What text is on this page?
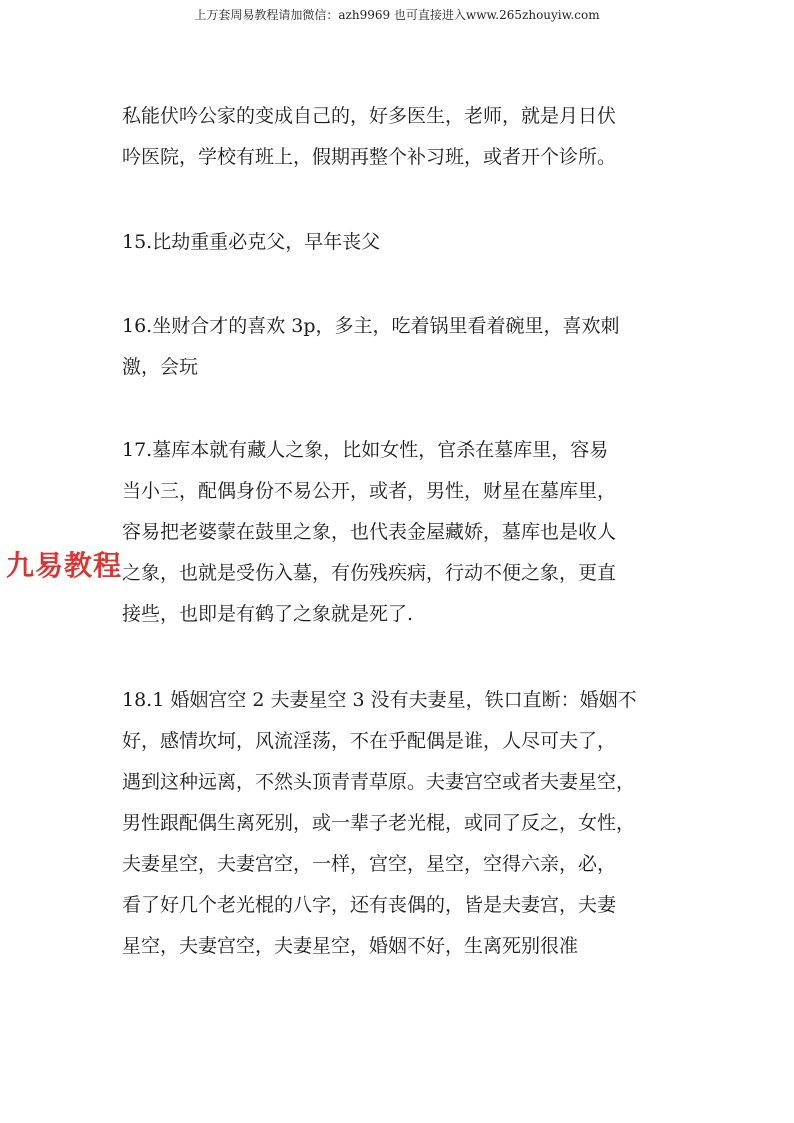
上万套周易教程请加微信：azh9969 也可直接进入www.265zhouyiw.com
私能伏吟公家的变成自己的，好多医生，老师，就是月日伏
吟医院，学校有班上，假期再整个补习班，或者开个诊所。
15.比劫重重必克父，早年丧父
16.坐财合才的喜欢 3p，多主，吃着锅里看着碗里，喜欢刺
激，会玩
17.墓库本就有藏人之象，比如女性，官杀在墓库里，容易
当小三，配偶身份不易公开，或者，男性，财星在墓库里，
容易把老婆蒙在鼓里之象，也代表金屋藏娇，墓库也是收人
之象，也就是受伤入墓，有伤残疾病，行动不便之象，更直
接些，也即是有鹤了之象就是死了.
18.1 婚姻宫空 2 夫妻星空 3 没有夫妻星，铁口直断：婚姻不
好，感情坎坷，风流淫荡，不在乎配偶是谁，人尽可夫了，
遇到这种远离，不然头顶青青草原。夫妻宫空或者夫妻星空，
男性跟配偶生离死别，或一辈子老光棍，或同了反之，女性，
夫妻星空，夫妻宫空，一样，宫空，星空，空得六亲，必，
看了好几个老光棍的八字，还有丧偶的，皆是夫妻宫，夫妻
星空，夫妻宫空，夫妻星空，婚姻不好，生离死别很准
九易教程
